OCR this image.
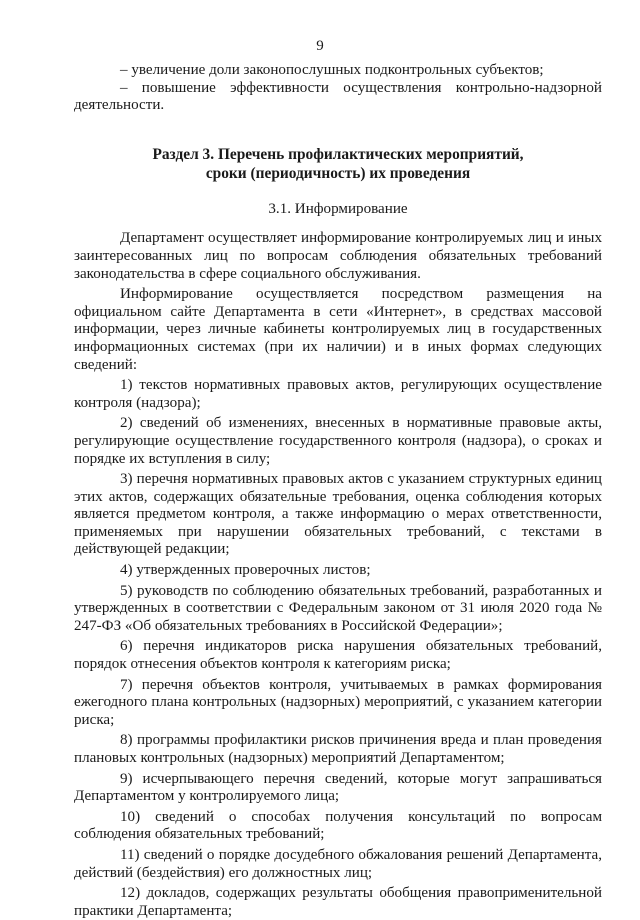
9

– увеличение доли законопослушных подконтрольных субъектов;

– повышение эффективности осуществления контрольно-надзорной деятельности.

Раздел 3. Перечень профилактических мероприятий,
сроки (периодичность) их проведения
3.1. Информирование

Департамент осуществляет информирование контролируемых лиц и иных заинтересованных лиц по вопросам соблюдения обязательных требований законодательства в сфере социального обслуживания.

Информирование осуществляется посредством размещения на официальном сайте Департамента в сети «Интернет», в средствах массовой информации, через личные кабинеты контролируемых лиц в государственных информационных системах (при их наличии) и в иных формах следующих сведений:

1) текстов нормативных правовых актов, регулирующих осуществление контроля (надзора);

2) сведений об изменениях, внесенных в нормативные правовые акты, регулирующие осуществление государственного контроля (надзора), о сроках и порядке их вступления в силу;

3) перечня нормативных правовых актов с указанием структурных единиц этих актов, содержащих обязательные требования, оценка соблюдения которых является предметом контроля, а также информацию о мерах ответственности, применяемых при нарушении обязательных требований, с текстами в действующей редакции;

4) утвержденных проверочных листов;

5) руководств по соблюдению обязательных требований, разработанных и утвержденных в соответствии с Федеральным законом от 31 июля 2020 года № 247-ФЗ «Об обязательных требованиях в Российской Федерации»;

6) перечня индикаторов риска нарушения обязательных требований, порядок отнесения объектов контроля к категориям риска;

7) перечня объектов контроля, учитываемых в рамках формирования ежегодного плана контрольных (надзорных) мероприятий, с указанием категории риска;

8) программы профилактики рисков причинения вреда и план проведения плановых контрольных (надзорных) мероприятий Департаментом;

9) исчерпывающего перечня сведений, которые могут запрашиваться Департаментом у контролируемого лица;

10) сведений о способах получения консультаций по вопросам соблюдения обязательных требований;

11) сведений о порядке досудебного обжалования решений Департамента, действий (бездействия) его должностных лиц;

12) докладов, содержащих результаты обобщения правоприменительной практики Департамента;
